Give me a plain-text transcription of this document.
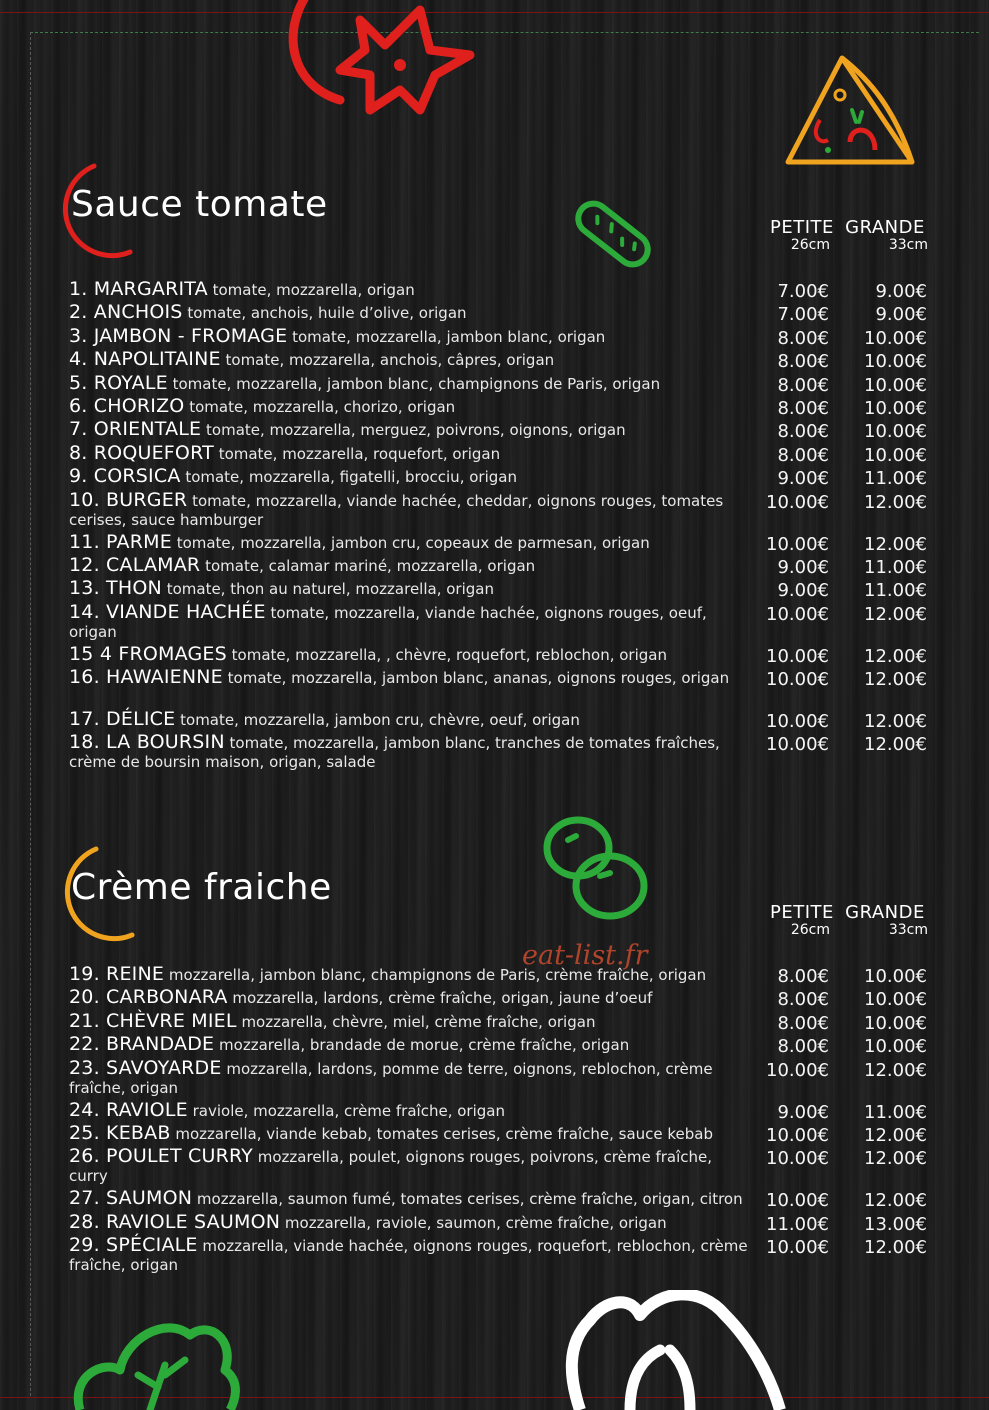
Sauce tomate
PETITE
26cm
GRANDE
33cm
1. MARGARITA tomate, mozzarella, origan	7.00€	9.00€
2. ANCHOIS tomate, anchois, huile d’olive, origan	7.00€	9.00€
3. JAMBON - FROMAGE tomate, mozzarella, jambon blanc, origan	8.00€	10.00€
4. NAPOLITAINE tomate, mozzarella, anchois, câpres, origan	8.00€	10.00€
5. ROYALE tomate, mozzarella, jambon blanc, champignons de Paris, origan	8.00€	10.00€
6. CHORIZO tomate, mozzarella, chorizo, origan	8.00€	10.00€
7. ORIENTALE tomate, mozzarella, merguez, poivrons, oignons, origan	8.00€	10.00€
8. ROQUEFORT tomate, mozzarella, roquefort, origan	8.00€	10.00€
9. CORSICA tomate, mozzarella, figatelli, brocciu, origan	9.00€	11.00€
10. BURGER tomate, mozzarella, viande hachée, cheddar, oignons rouges, tomates cerises, sauce hamburger
10.00€	12.00€
11. PARME tomate, mozzarella, jambon cru, copeaux de parmesan, origan	10.00€	12.00€
12. CALAMAR tomate, calamar mariné, mozzarella, origan	9.00€	11.00€
13. THON tomate, thon au naturel, mozzarella, origan	9.00€	11.00€
14. VIANDE HACHÉE tomate, mozzarella, viande hachée, oignons rouges, oeuf, origan
10.00€	12.00€
15 4 FROMAGES tomate, mozzarella, , chèvre, roquefort, reblochon, origan	10.00€	12.00€
16. HAWAIENNE tomate, mozzarella, jambon blanc, ananas, oignons rouges, origan	10.00€	12.00€
17. DÉLICE tomate, mozzarella, jambon cru, chèvre, oeuf, origan	10.00€	12.00€
18. LA BOURSIN tomate, mozzarella, jambon blanc, tranches de tomates fraîches, crème de boursin maison, origan, salade
10.00€	12.00€
Crème fraiche
PETITE
26cm
GRANDE
33cm
19. REINE mozzarella, jambon blanc, champignons de Paris, crème fraîche, origan	8.00€	10.00€
20. CARBONARA mozzarella, lardons, crème fraîche, origan, jaune d’oeuf	8.00€	10.00€
21. CHÈVRE MIEL mozzarella, chèvre, miel, crème fraîche, origan	8.00€	10.00€
22. BRANDADE mozzarella, brandade de morue, crème fraîche, origan	8.00€	10.00€
23. SAVOYARDE mozzarella, lardons, pomme de terre, oignons, reblochon, crème fraîche, origan
10.00€	12.00€
24. RAVIOLE raviole, mozzarella, crème fraîche, origan	9.00€	11.00€
25. KEBAB mozzarella, viande kebab, tomates cerises, crème fraîche, sauce kebab	10.00€	12.00€
26. POULET CURRY mozzarella, poulet, oignons rouges, poivrons, crème fraîche, curry
10.00€	12.00€
27. SAUMON mozzarella, saumon fumé, tomates cerises, crème fraîche, origan, citron	10.00€	12.00€
28. RAVIOLE SAUMON mozzarella, raviole, saumon, crème fraîche, origan	11.00€	13.00€
29. SPÉCIALE mozzarella, viande hachée, oignons rouges, roquefort, reblochon, crème fraîche, origan
10.00€	12.00€
eat-list.fr
